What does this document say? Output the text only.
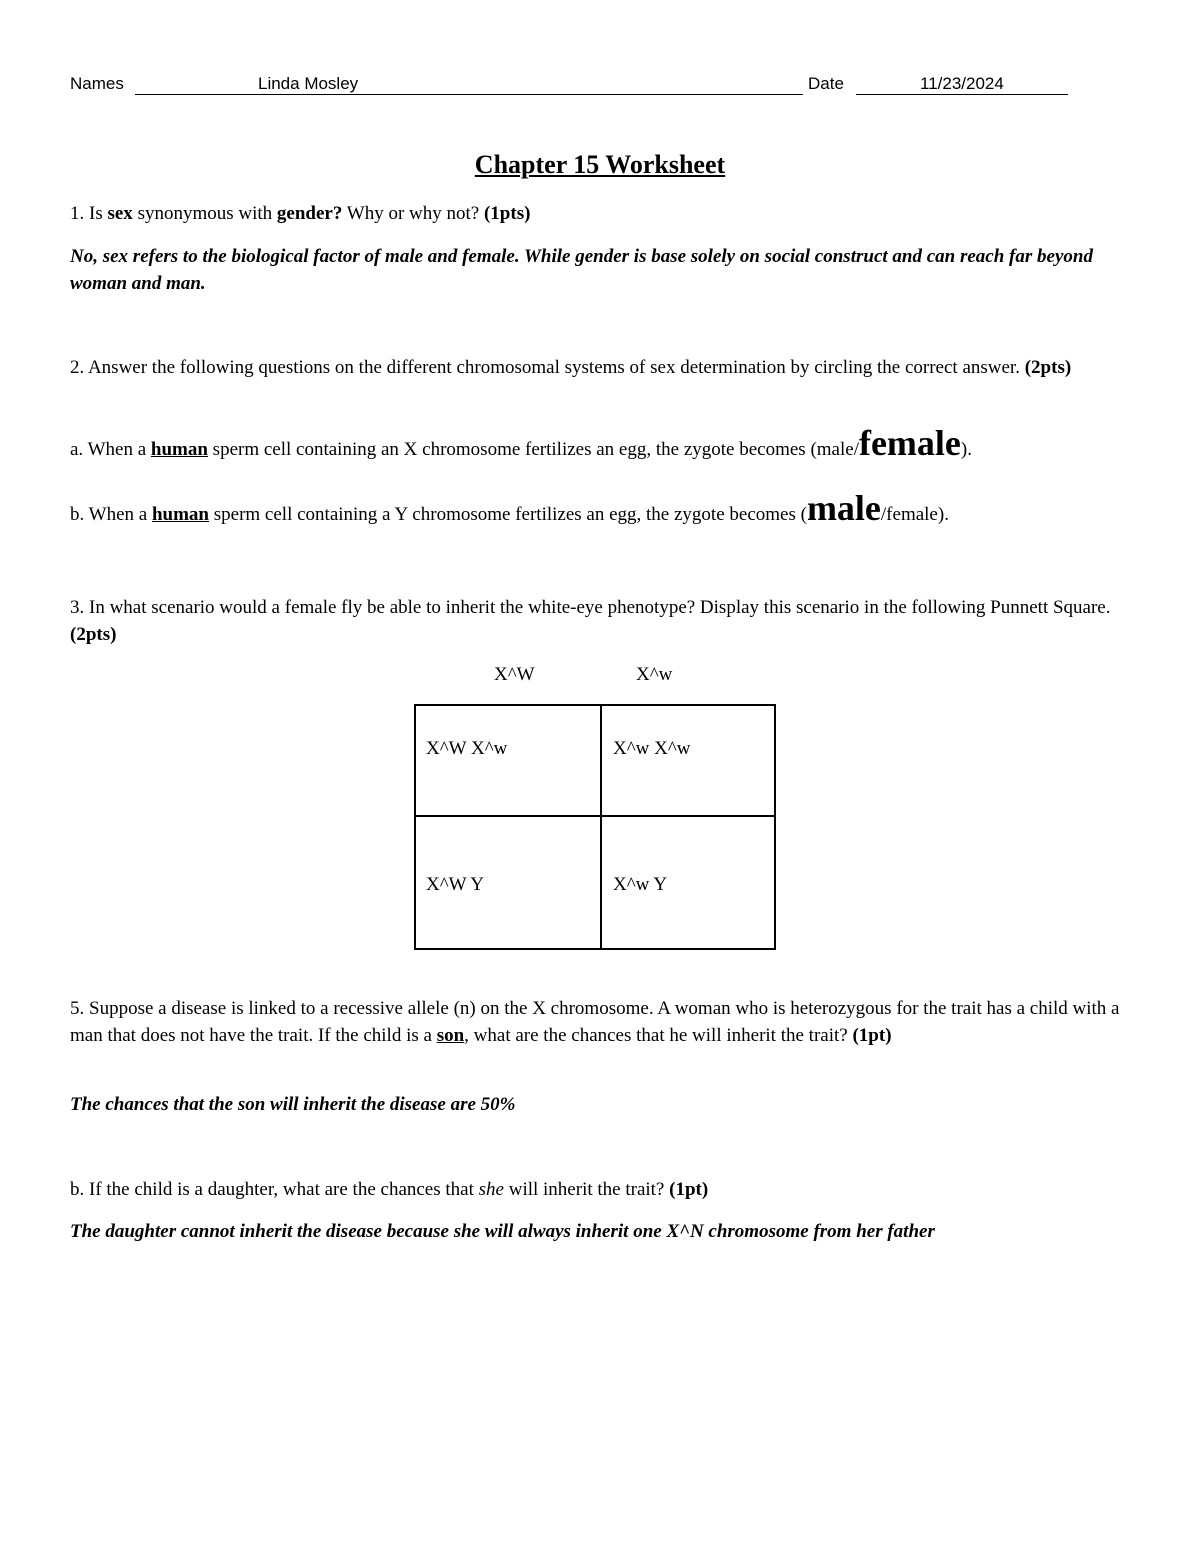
Names	Linda Mosley	Date	11/23/2024
Chapter 15 Worksheet
1. Is sex synonymous with gender? Why or why not? (1pts)
No, sex refers to the biological factor of male and female. While gender is base solely on social construct and can reach far beyond woman and man.
2. Answer the following questions on the different chromosomal systems of sex determination by circling the correct answer. (2pts)
a. When a human sperm cell containing an X chromosome fertilizes an egg, the zygote becomes (male/female).
b. When a human sperm cell containing a Y chromosome fertilizes an egg, the zygote becomes (male/female).
3. In what scenario would a female fly be able to inherit the white-eye phenotype? Display this scenario in the following Punnett Square. (2pts)
X^W	X^w
X^W X^w	X^w X^w
X^W Y	X^w Y
5. Suppose a disease is linked to a recessive allele (n) on the X chromosome. A woman who is heterozygous for the trait has a child with a man that does not have the trait. If the child is a son, what are the chances that he will inherit the trait? (1pt)
The chances that the son will inherit the disease are 50%
b. If the child is a daughter, what are the chances that she will inherit the trait? (1pt)
The daughter cannot inherit the disease because she will always inherit one X^N chromosome from her father
